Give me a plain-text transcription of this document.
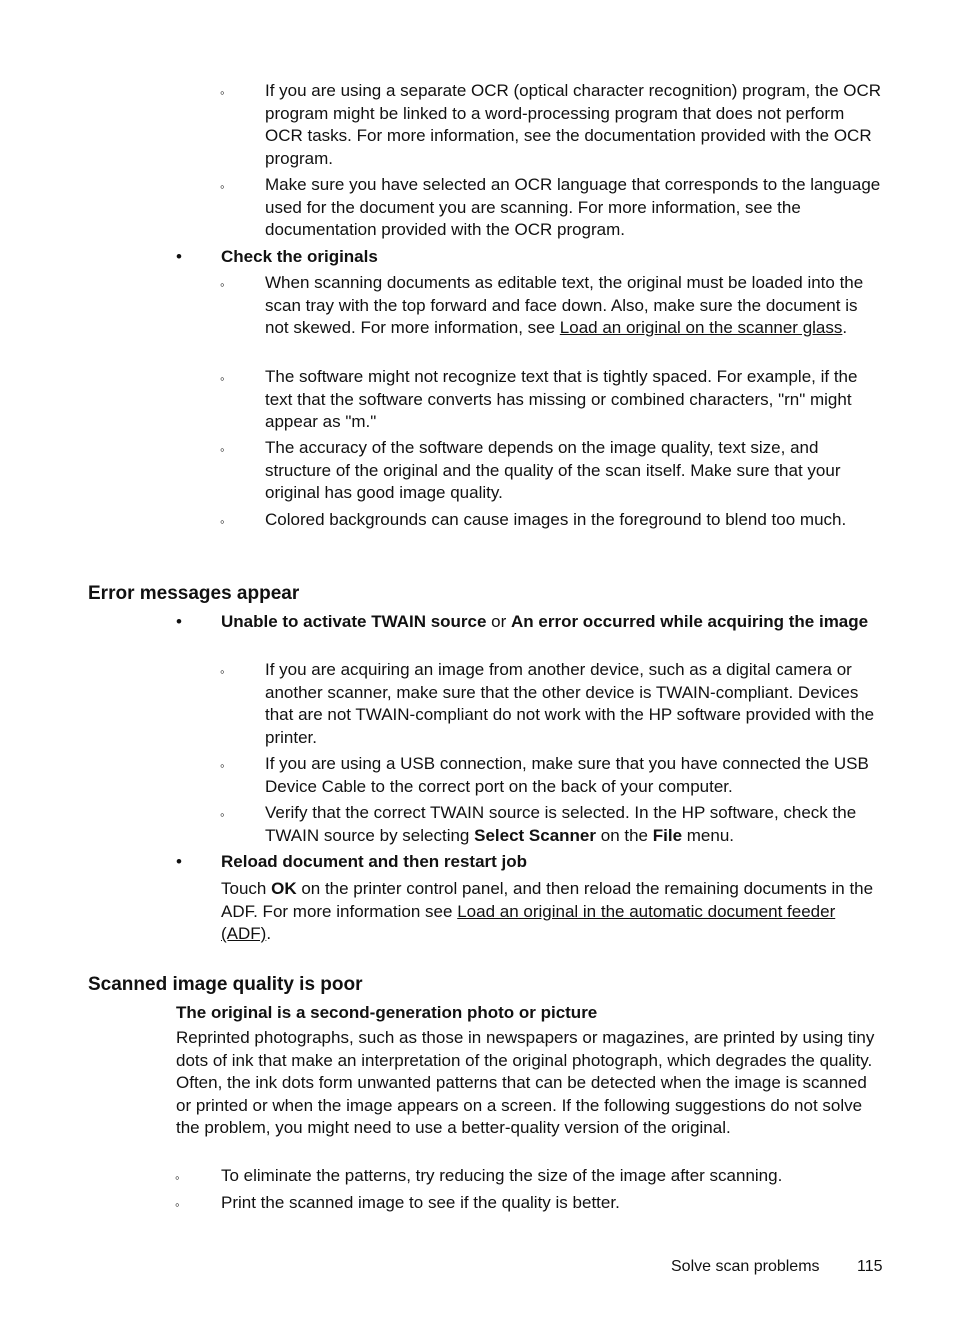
◦ If you are using a separate OCR (optical character recognition) program, the OCR program might be linked to a word-processing program that does not perform OCR tasks. For more information, see the documentation provided with the OCR program.
◦ Make sure you have selected an OCR language that corresponds to the language used for the document you are scanning. For more information, see the documentation provided with the OCR program.
• Check the originals
◦ When scanning documents as editable text, the original must be loaded into the scan tray with the top forward and face down. Also, make sure the document is not skewed. For more information, see Load an original on the scanner glass.
◦ The software might not recognize text that is tightly spaced. For example, if the text that the software converts has missing or combined characters, "rn" might appear as "m."
◦ The accuracy of the software depends on the image quality, text size, and structure of the original and the quality of the scan itself. Make sure that your original has good image quality.
◦ Colored backgrounds can cause images in the foreground to blend too much.
Error messages appear
• Unable to activate TWAIN source or An error occurred while acquiring the image
◦ If you are acquiring an image from another device, such as a digital camera or another scanner, make sure that the other device is TWAIN-compliant. Devices that are not TWAIN-compliant do not work with the HP software provided with the printer.
◦ If you are using a USB connection, make sure that you have connected the USB Device Cable to the correct port on the back of your computer.
◦ Verify that the correct TWAIN source is selected. In the HP software, check the TWAIN source by selecting Select Scanner on the File menu.
• Reload document and then restart job
Touch OK on the printer control panel, and then reload the remaining documents in the ADF. For more information see Load an original in the automatic document feeder (ADF).
Scanned image quality is poor
The original is a second-generation photo or picture
Reprinted photographs, such as those in newspapers or magazines, are printed by using tiny dots of ink that make an interpretation of the original photograph, which degrades the quality. Often, the ink dots form unwanted patterns that can be detected when the image is scanned or printed or when the image appears on a screen. If the following suggestions do not solve the problem, you might need to use a better-quality version of the original.
◦ To eliminate the patterns, try reducing the size of the image after scanning.
◦ Print the scanned image to see if the quality is better.
Solve scan problems 115
